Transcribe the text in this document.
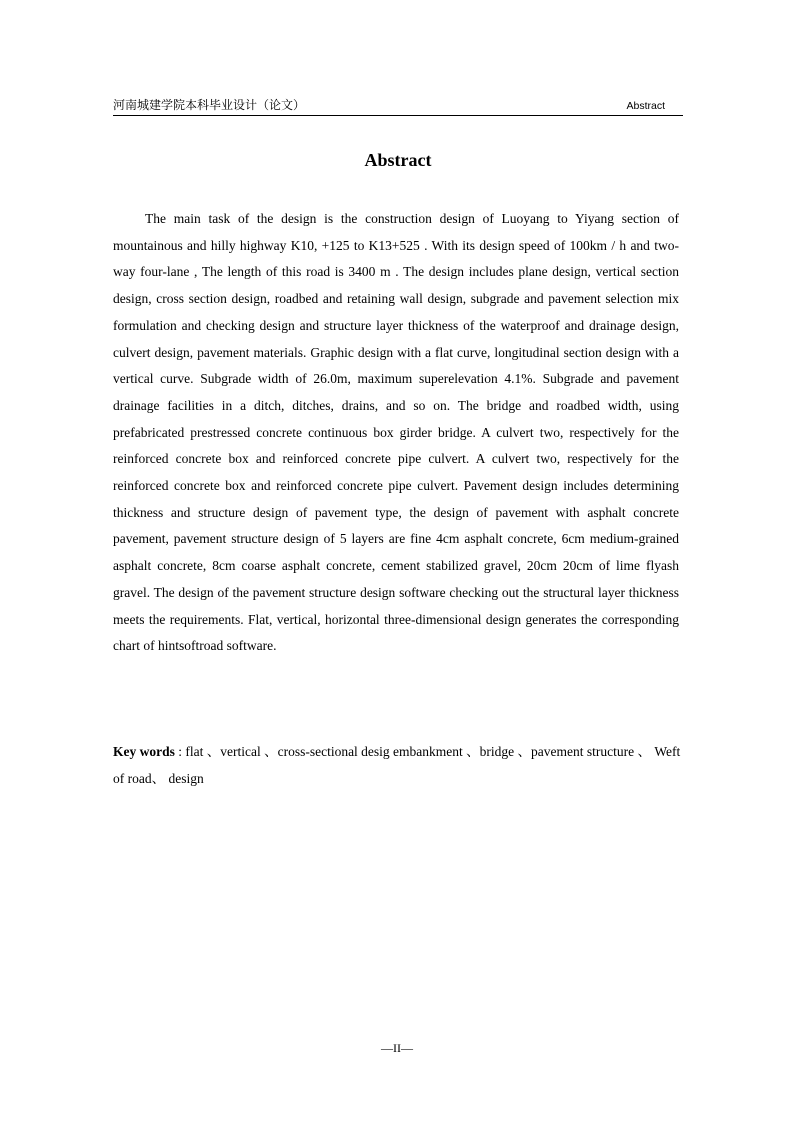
河南城建学院本科毕业设计（论文）	Abstract
Abstract

The main task of the design is the construction design of Luoyang to Yiyang section of mountainous and hilly highway K10, +125 to K13+525 . With its design speed of 100km / h and two-way four-lane , The length of this road is 3400 m . The design includes plane design, vertical section design, cross section design, roadbed and retaining wall design, subgrade and pavement selection mix formulation and checking design and structure layer thickness of the waterproof and drainage design, culvert design, pavement materials. Graphic design with a flat curve, longitudinal section design with a vertical curve. Subgrade width of 26.0m, maximum superelevation 4.1%. Subgrade and pavement drainage facilities in a ditch, ditches, drains, and so on. The bridge and roadbed width, using prefabricated prestressed concrete continuous box girder bridge. A culvert two, respectively for the reinforced concrete box and reinforced concrete pipe culvert. A culvert two, respectively for the reinforced concrete box and reinforced concrete pipe culvert. Pavement design includes determining thickness and structure design of pavement type, the design of pavement with asphalt concrete pavement, pavement structure design of 5 layers are fine 4cm asphalt concrete, 6cm medium-grained asphalt concrete, 8cm coarse asphalt concrete, cement stabilized gravel, 20cm 20cm of lime flyash gravel. The design of the pavement structure design software checking out the structural layer thickness meets the requirements. Flat, vertical, horizontal three-dimensional design generates the corresponding chart of hintsoftroad software.

Key words : flat 、vertical 、cross-sectional desig embankment 、bridge 、pavement structure 、 Weft of road、 design

—II—
